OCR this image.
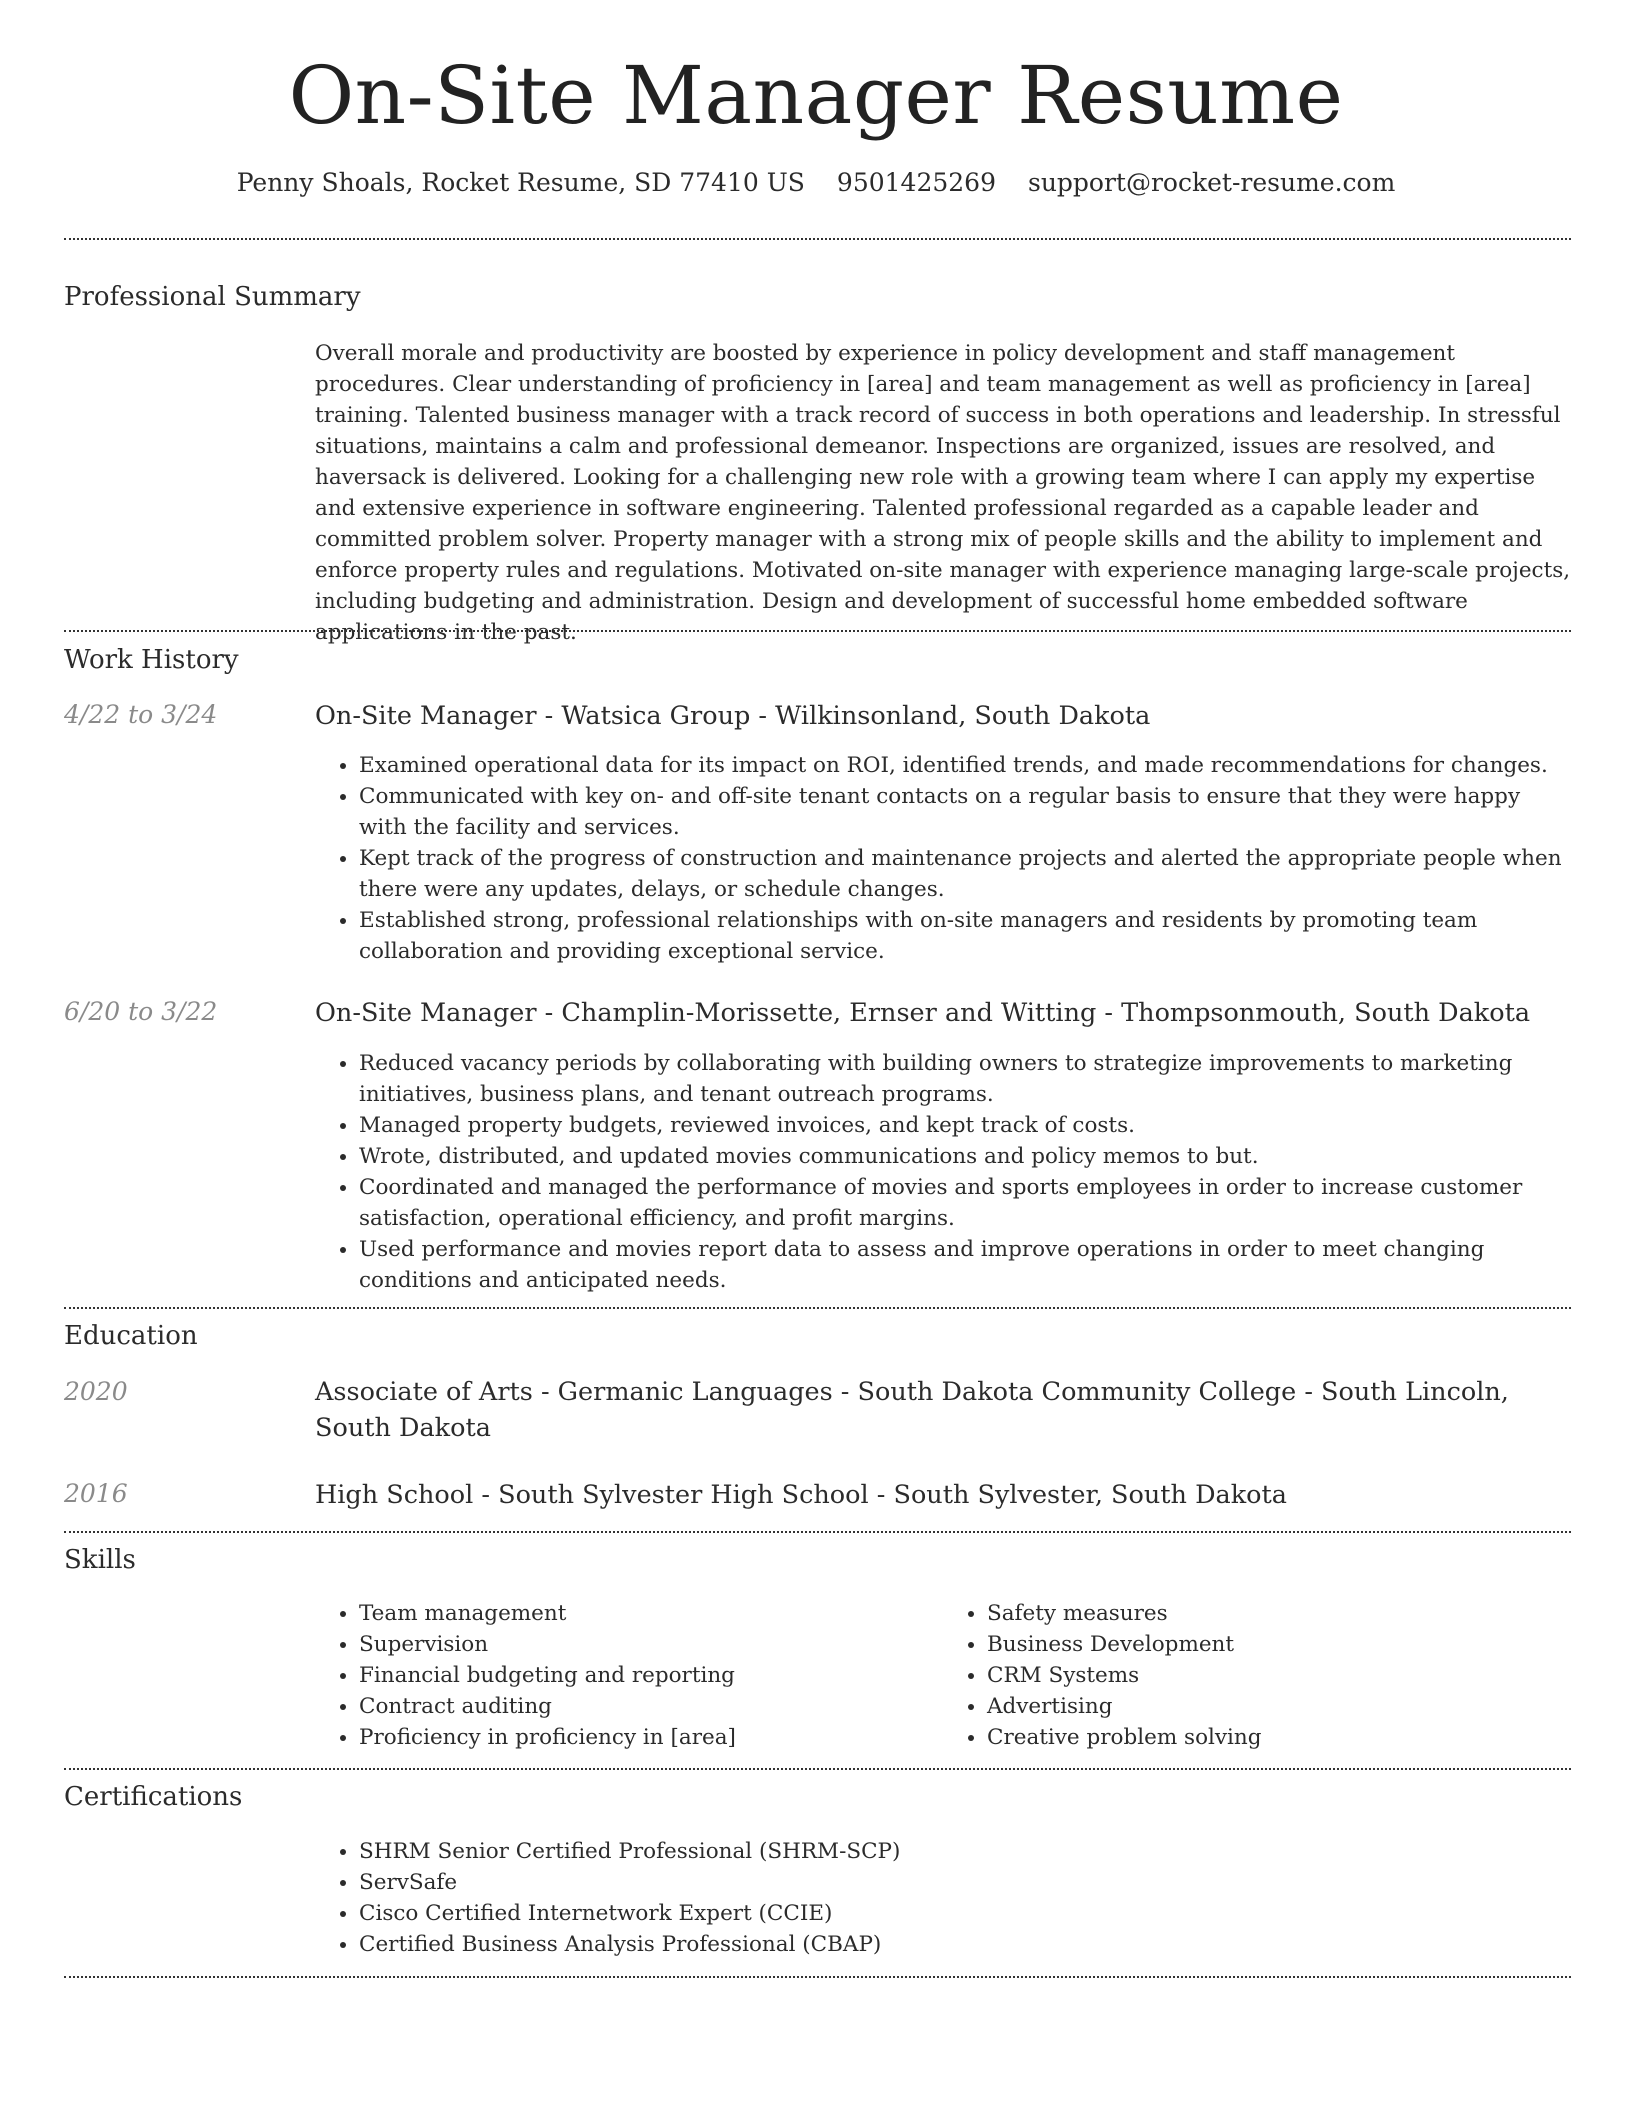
On-Site Manager Resume
Penny Shoals, Rocket Resume, SD 77410 US 9501425269 support@rocket-resume.com
Professional Summary
Overall morale and productivity are boosted by experience in policy development and staff management procedures. Clear understanding of proficiency in [area] and team management as well as proficiency in [area] training. Talented business manager with a track record of success in both operations and leadership. In stressful situations, maintains a calm and professional demeanor. Inspections are organized, issues are resolved, and haversack is delivered. Looking for a challenging new role with a growing team where I can apply my expertise and extensive experience in software engineering. Talented professional regarded as a capable leader and committed problem solver. Property manager with a strong mix of people skills and the ability to implement and enforce property rules and regulations. Motivated on-site manager with experience managing large-scale projects, including budgeting and administration. Design and development of successful home embedded software applications in the past.
Work History
4/22 to 3/24	On-Site Manager - Watsica Group - Wilkinsonland, South Dakota
• Examined operational data for its impact on ROI, identified trends, and made recommendations for changes.
• Communicated with key on- and off-site tenant contacts on a regular basis to ensure that they were happy with the facility and services.
• Kept track of the progress of construction and maintenance projects and alerted the appropriate people when there were any updates, delays, or schedule changes.
• Established strong, professional relationships with on-site managers and residents by promoting team collaboration and providing exceptional service.
6/20 to 3/22	On-Site Manager - Champlin-Morissette, Ernser and Witting - Thompsonmouth, South Dakota
• Reduced vacancy periods by collaborating with building owners to strategize improvements to marketing initiatives, business plans, and tenant outreach programs.
• Managed property budgets, reviewed invoices, and kept track of costs.
• Wrote, distributed, and updated movies communications and policy memos to but.
• Coordinated and managed the performance of movies and sports employees in order to increase customer satisfaction, operational efficiency, and profit margins.
• Used performance and movies report data to assess and improve operations in order to meet changing conditions and anticipated needs.
Education
2020	Associate of Arts - Germanic Languages - South Dakota Community College - South Lincoln, South Dakota
2016	High School - South Sylvester High School - South Sylvester, South Dakota
Skills
• Team management
• Supervision
• Financial budgeting and reporting
• Contract auditing
• Proficiency in proficiency in [area]
• Safety measures
• Business Development
• CRM Systems
• Advertising
• Creative problem solving
Certifications
• SHRM Senior Certified Professional (SHRM-SCP)
• ServSafe
• Cisco Certified Internetwork Expert (CCIE)
• Certified Business Analysis Professional (CBAP)
